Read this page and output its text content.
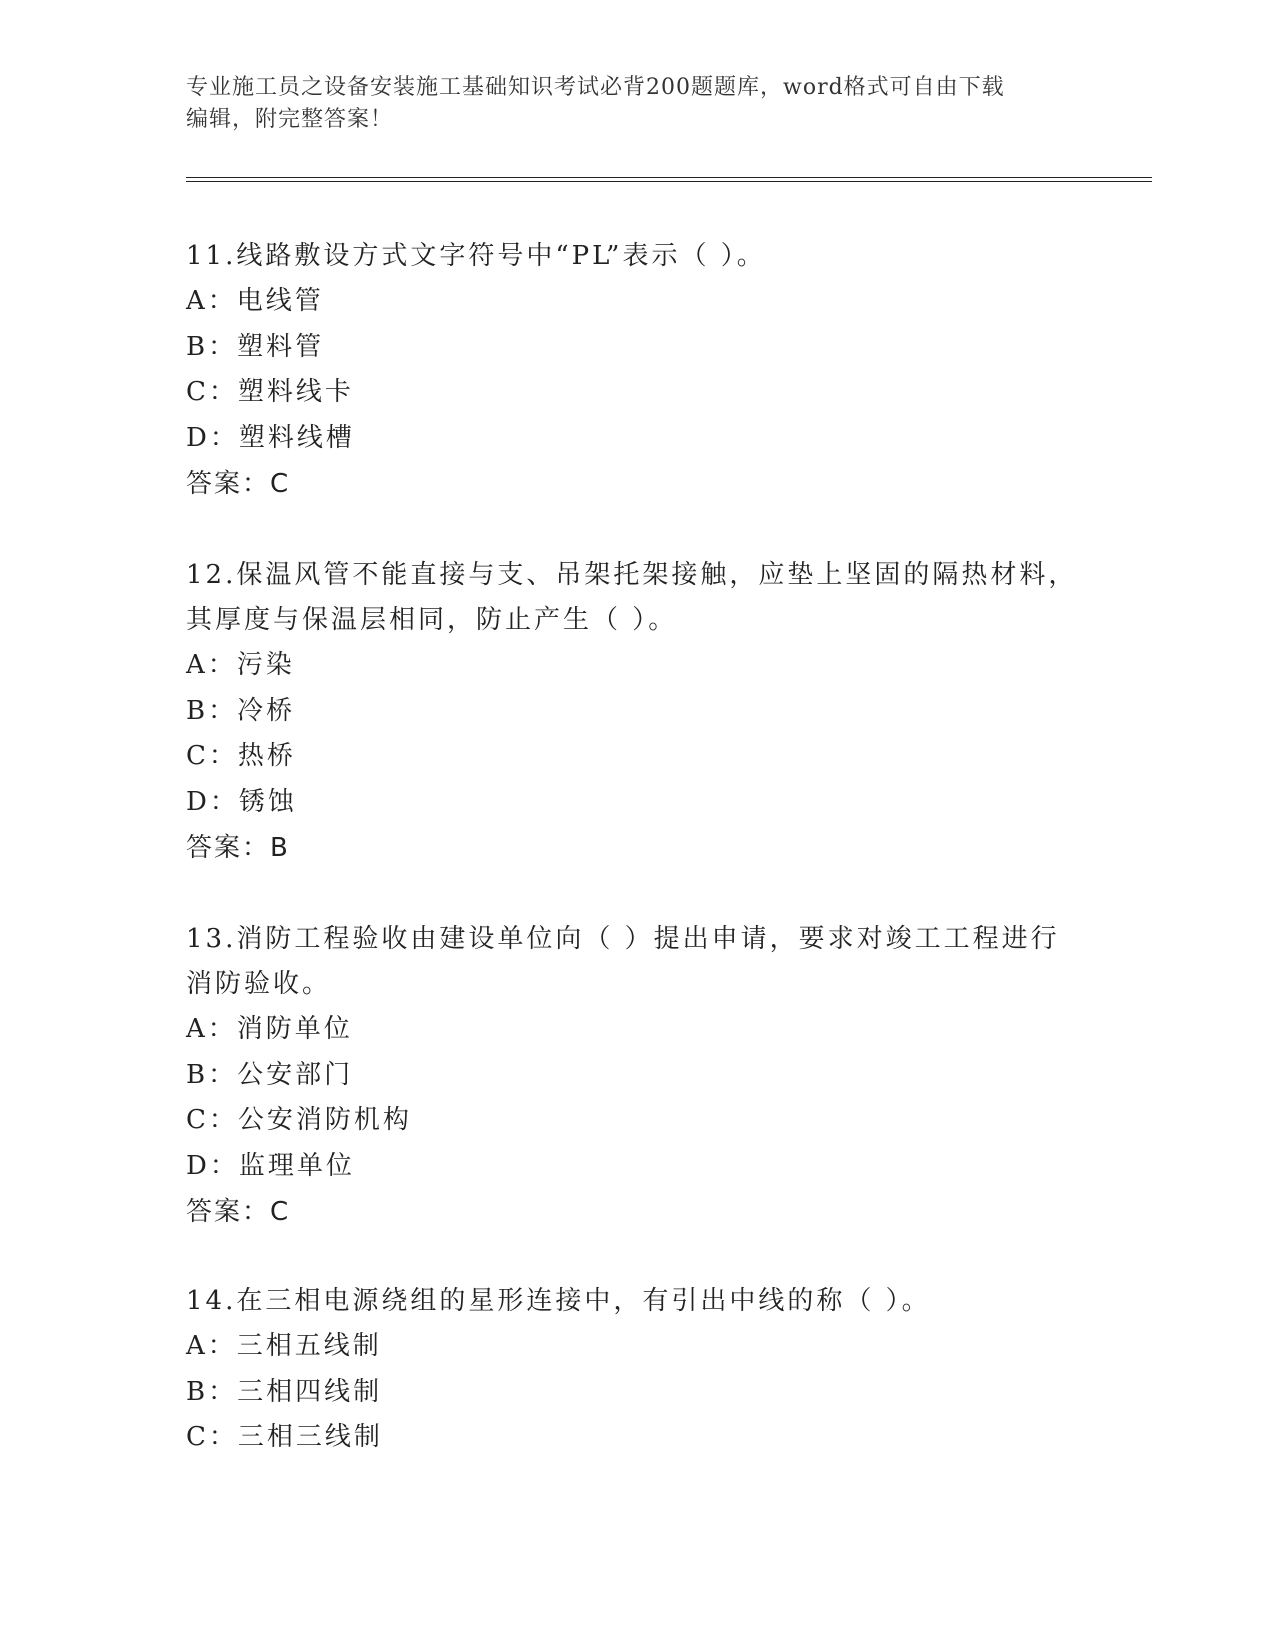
专业施工员之设备安装施工基础知识考试必背200题题库，word格式可自由下载
编辑，附完整答案！

11.线路敷设方式文字符号中“PL”表示（ ）。

A：电线管

B：塑料管

C：塑料线卡

D：塑料线槽

答案：C

12.保温风管不能直接与支、吊架托架接触，应垫上坚固的隔热材料，

其厚度与保温层相同，防止产生（ ）。

A：污染

B：冷桥

C：热桥

D：锈蚀

答案：B

13.消防工程验收由建设单位向（ ）提出申请，要求对竣工工程进行

消防验收。

A：消防单位

B：公安部门

C：公安消防机构

D：监理单位

答案：C

14.在三相电源绕组的星形连接中，有引出中线的称（ ）。

A：三相五线制

B：三相四线制

C：三相三线制
